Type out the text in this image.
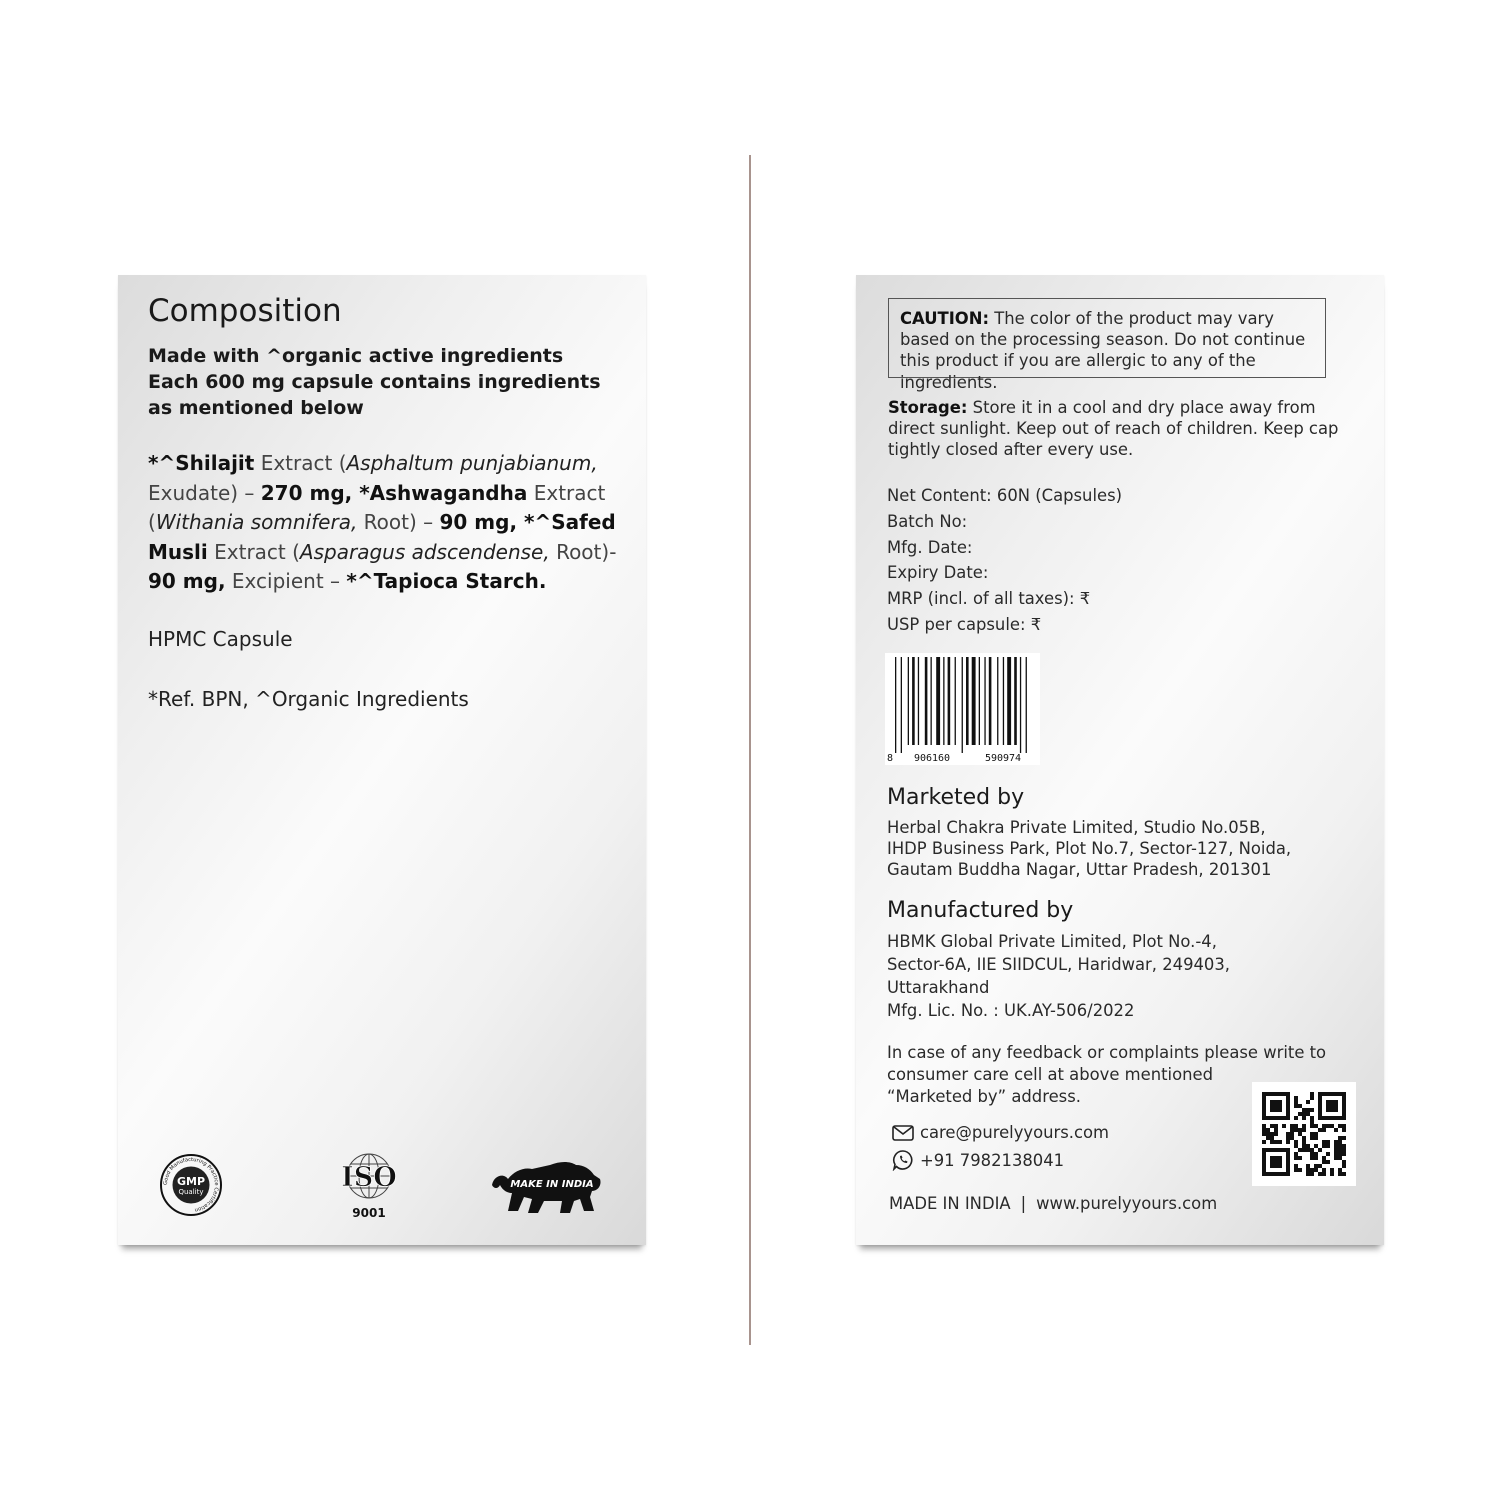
Composition
Made with ^organic active ingredients
Each 600 mg capsule contains ingredients as mentioned below
*^Shilajit Extract (Asphaltum punjabianum, Exudate) – 270 mg, *Ashwagandha Extract (Withania somnifera, Root) – 90 mg, *^Safed Musli Extract (Asparagus adscendense, Root)- 90 mg, Excipient – *^Tapioca Starch.
HPMC Capsule
*Ref. BPN, ^Organic Ingredients
Good Manufacturing Practice Certification
GMP
Quality	ISO
9001
MAKE IN INDIA
CAUTION: The color of the product may vary based on the processing season. Do not continue this product if you are allergic to any of the ingredients.
Storage: Store it in a cool and dry place away from direct sunlight. Keep out of reach of children. Keep cap tightly closed after every use.
Net Content: 60N (Capsules)
Batch No:
Mfg. Date:
Expiry Date:
MRP (incl. of all taxes): ₹
USP per capsule: ₹
8 906160	590974
Marketed by
Herbal Chakra Private Limited, Studio No.05B,
IHDP Business Park, Plot No.7, Sector-127, Noida,
Gautam Buddha Nagar, Uttar Pradesh, 201301
Manufactured by
HBMK Global Private Limited, Plot No.-4,
Sector-6A, IIE SIIDCUL, Haridwar, 249403,
Uttarakhand
Mfg. Lic. No. : UK.AY-506/2022
In case of any feedback or complaints please write to
consumer care cell at above mentioned
“Marketed by” address.
care@purelyyours.com
+91 7982138041
MADE IN INDIA | www.purelyyours.com
